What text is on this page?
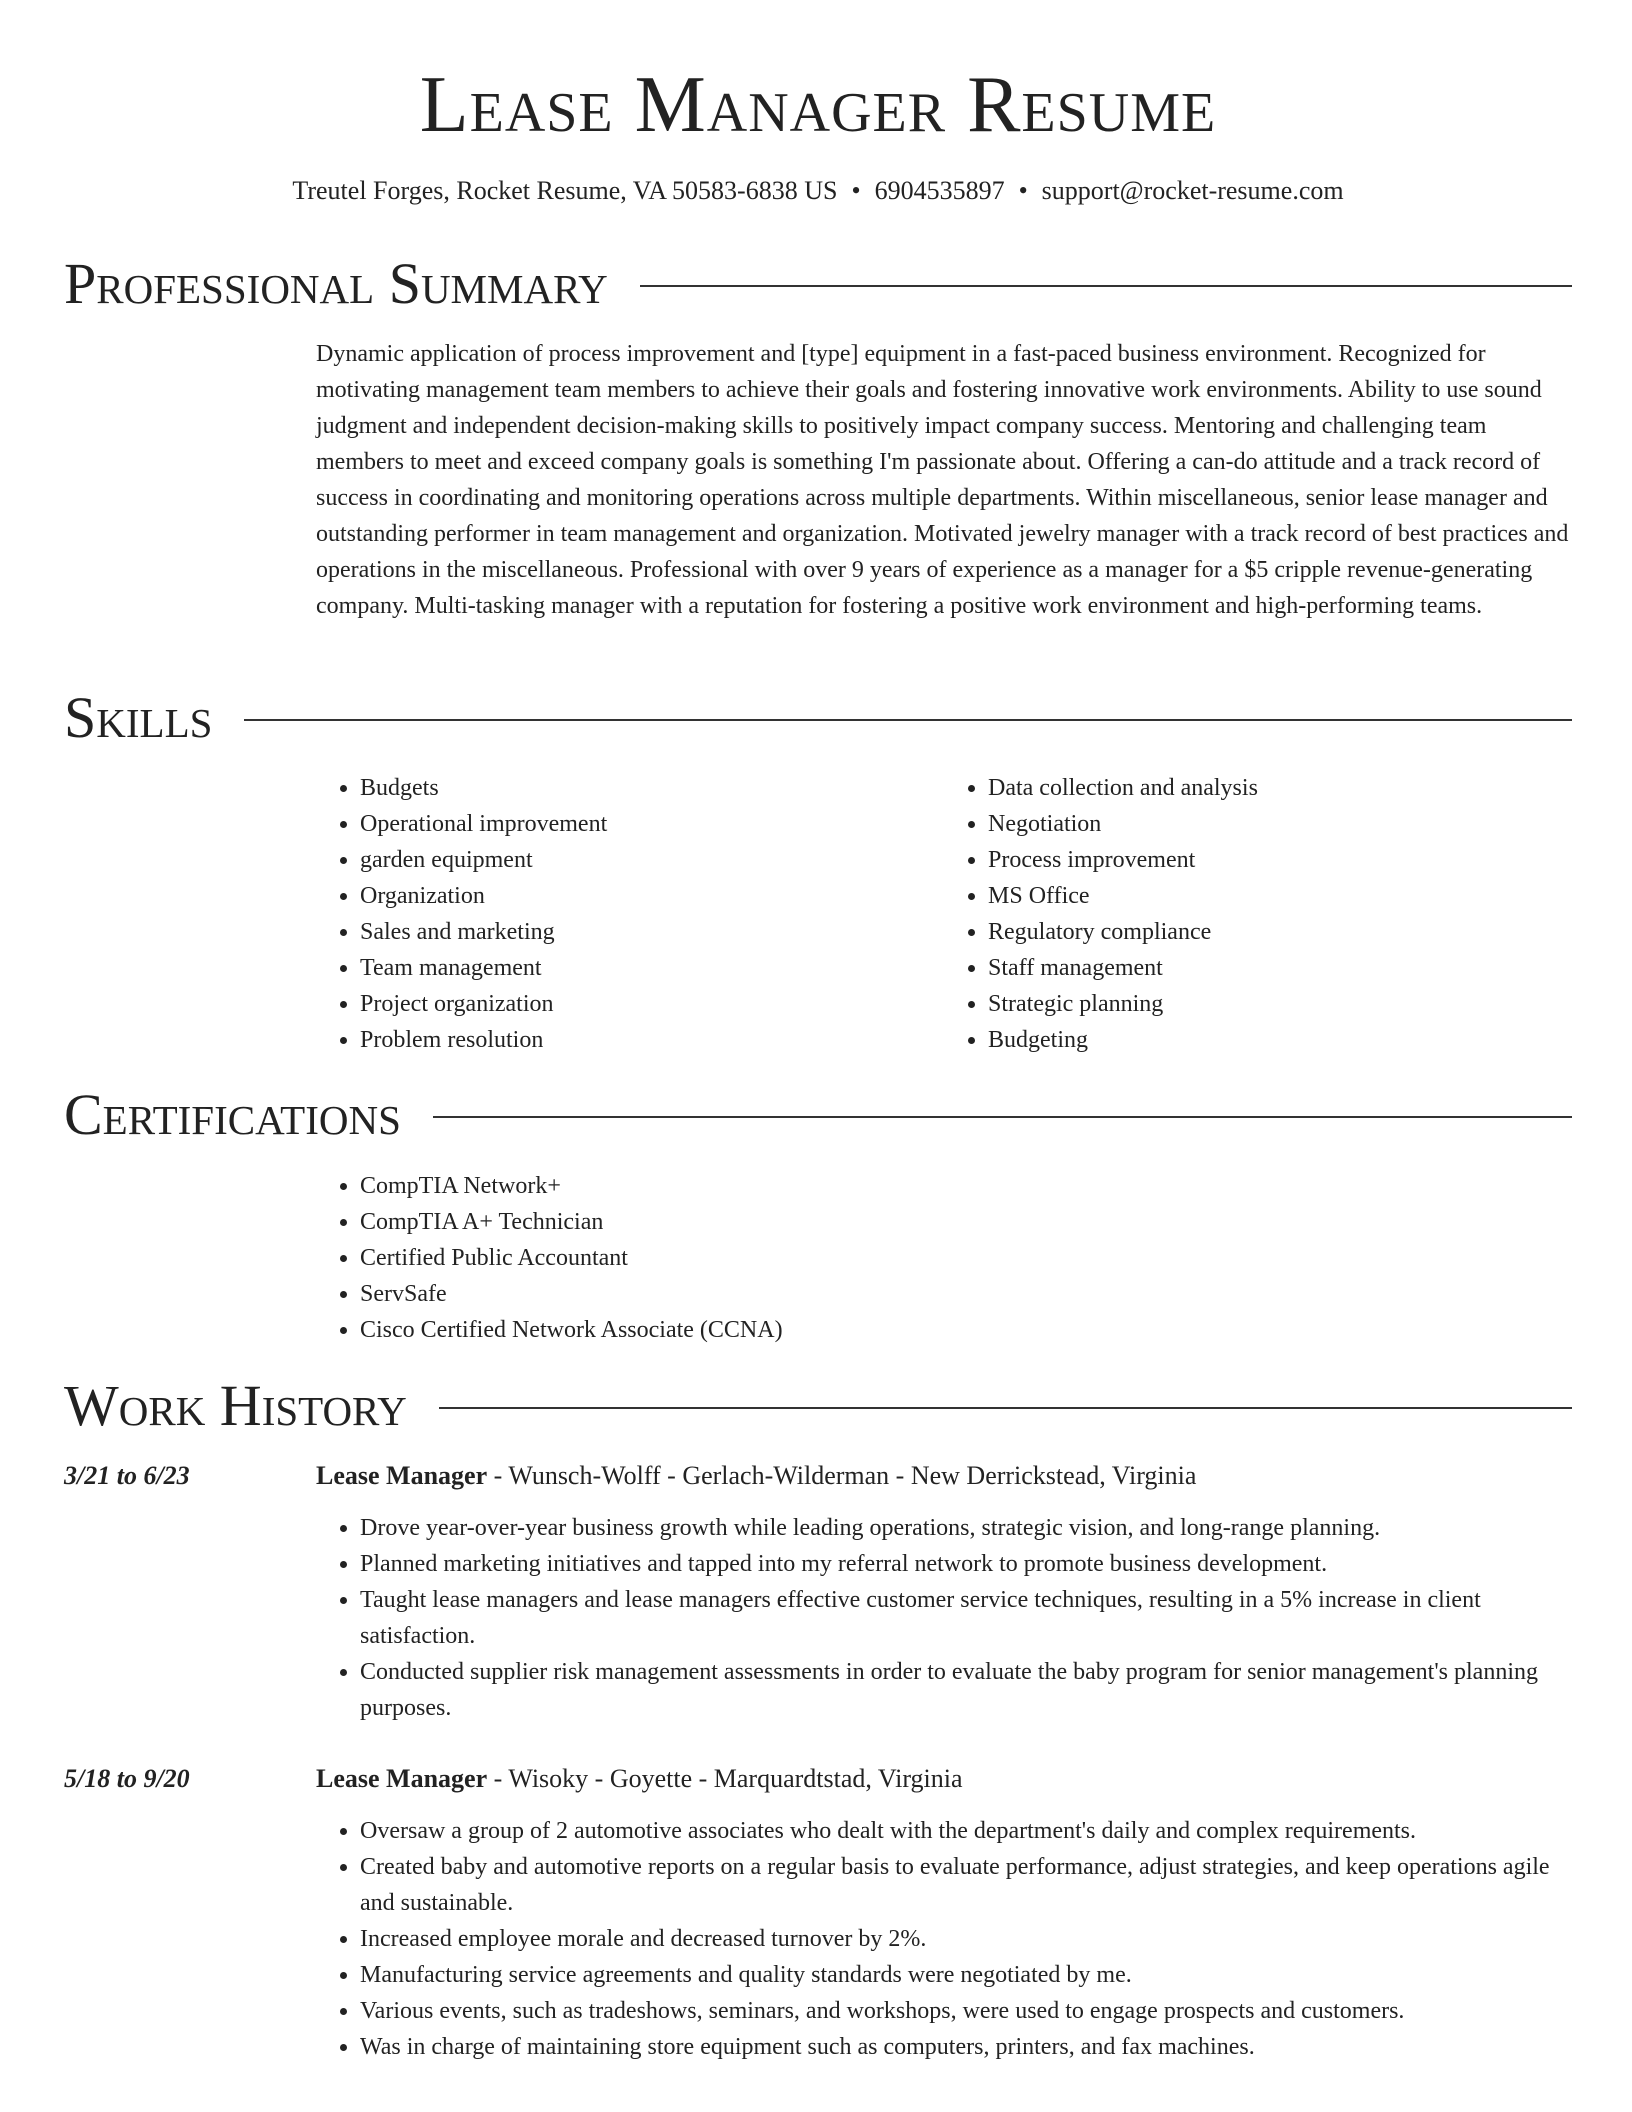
Lease Manager Resume
Treutel Forges, Rocket Resume, VA 50583-6838 US • 6904535897 • support@rocket-resume.com
Professional Summary

Dynamic application of process improvement and [type] equipment in a fast-paced business environment. Recognized for motivating management team members to achieve their goals and fostering innovative work environments. Ability to use sound judgment and independent decision-making skills to positively impact company success. Mentoring and challenging team members to meet and exceed company goals is something I'm passionate about. Offering a can-do attitude and a track record of success in coordinating and monitoring operations across multiple departments. Within miscellaneous, senior lease manager and outstanding performer in team management and organization. Motivated jewelry manager with a track record of best practices and operations in the miscellaneous. Professional with over 9 years of experience as a manager for a $5 cripple revenue-generating company. Multi-tasking manager with a reputation for fostering a positive work environment and high-performing teams.

Skills
• Budgets
• Operational improvement
• garden equipment
• Organization
• Sales and marketing
• Team management
• Project organization
• Problem resolution
• Data collection and analysis
• Negotiation
• Process improvement
• MS Office
• Regulatory compliance
• Staff management
• Strategic planning
• Budgeting
Certifications
• CompTIA Network+
• CompTIA A+ Technician
• Certified Public Accountant
• ServSafe
• Cisco Certified Network Associate (CCNA)
Work History
3/21 to 6/23	Lease Manager - Wunsch-Wolff - Gerlach-Wilderman - New Derrickstead, Virginia

• Drove year-over-year business growth while leading operations, strategic vision, and long-range planning.
• Planned marketing initiatives and tapped into my referral network to promote business development.
• Taught lease managers and lease managers effective customer service techniques, resulting in a 5% increase in client satisfaction.
• Conducted supplier risk management assessments in order to evaluate the baby program for senior management's planning purposes.
5/18 to 9/20	Lease Manager - Wisoky - Goyette - Marquardtstad, Virginia

• Oversaw a group of 2 automotive associates who dealt with the department's daily and complex requirements.
• Created baby and automotive reports on a regular basis to evaluate performance, adjust strategies, and keep operations agile and sustainable.
• Increased employee morale and decreased turnover by 2%.
• Manufacturing service agreements and quality standards were negotiated by me.
• Various events, such as tradeshows, seminars, and workshops, were used to engage prospects and customers.
• Was in charge of maintaining store equipment such as computers, printers, and fax machines.
